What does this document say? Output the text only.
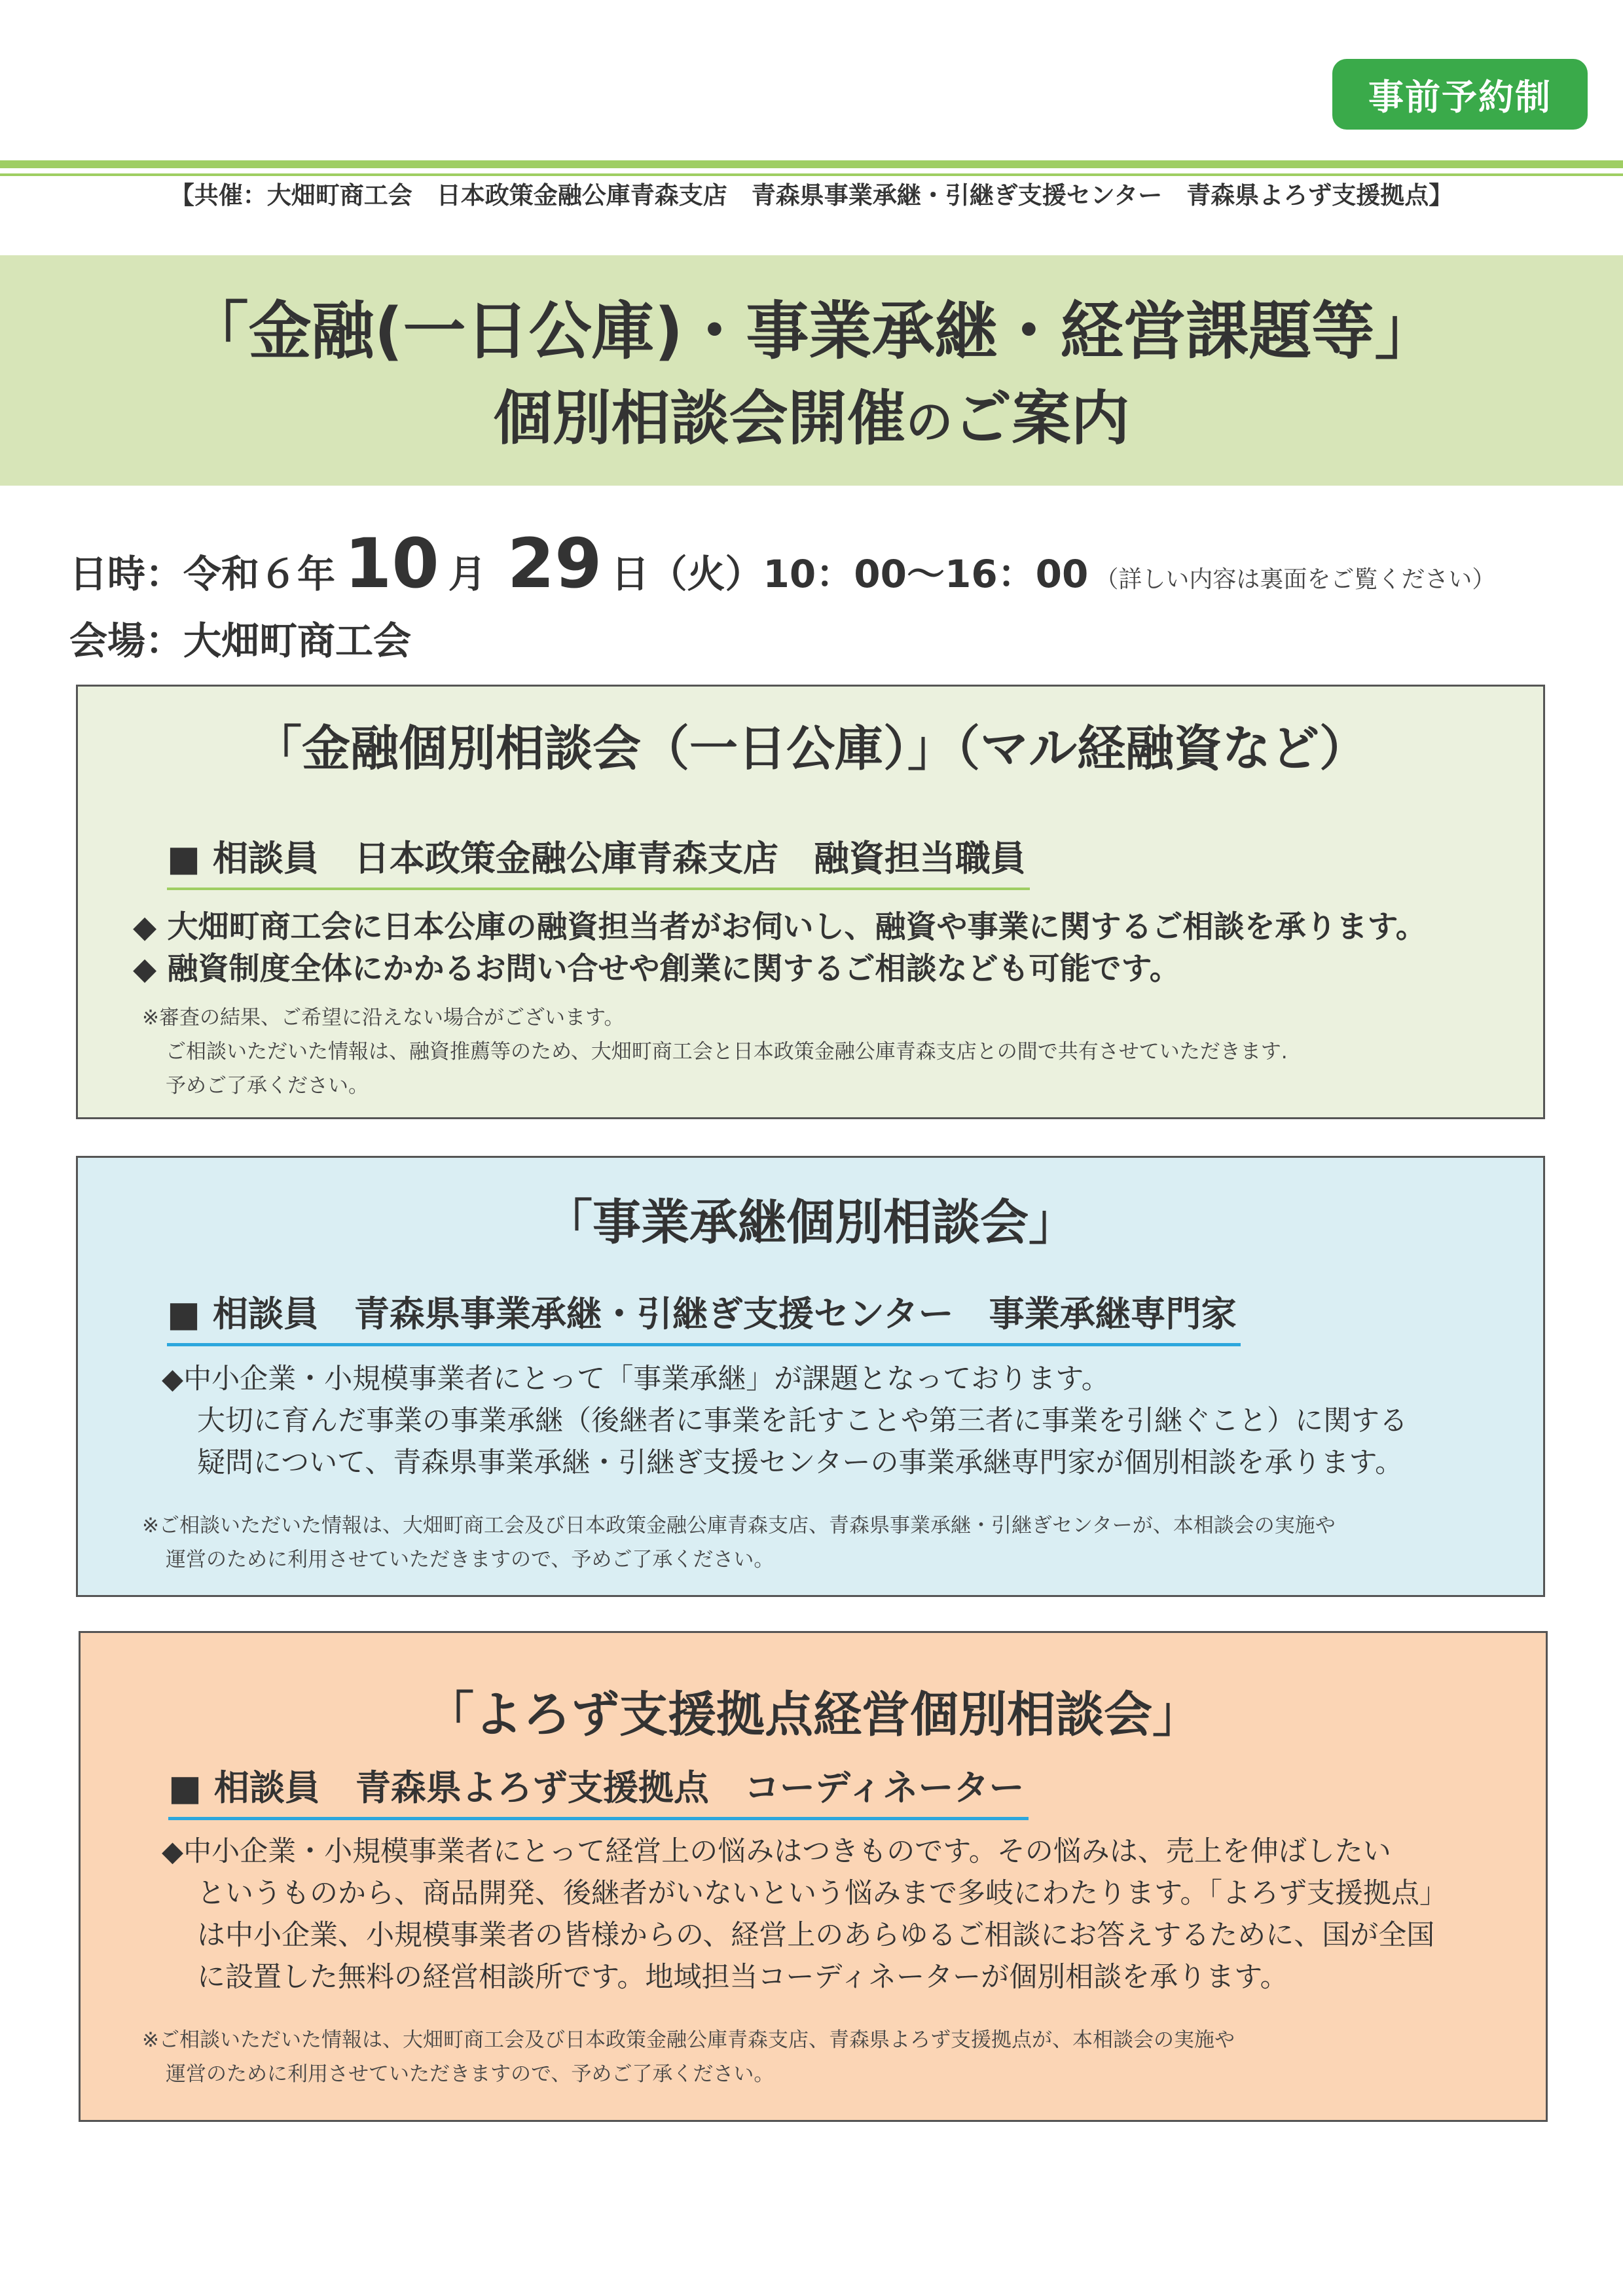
事前予約制
【共催：大畑町商工会　日本政策金融公庫青森支店　青森県事業承継・引継ぎ支援センター　青森県よろず支援拠点】
「金融(一日公庫)・事業承継・経営課題等」
個別相談会開催のご案内
日時： 令和６年 10 月 29 日 （火） 10：00〜16：00 （詳しい内容は裏面をご覧ください）
会場：大畑町商工会
「金融個別相談会（一日公庫）」（マル経融資など）
■ 相談員　日本政策金融公庫青森支店　融資担当職員
◆ 大畑町商工会に日本公庫の融資担当者がお伺いし、融資や事業に関するご相談を承ります。
◆ 融資制度全体にかかるお問い合せや創業に関するご相談なども可能です。
※審査の結果、ご希望に沿えない場合がございます。
ご相談いただいた情報は、融資推薦等のため、大畑町商工会と日本政策金融公庫青森支店との間で共有させていただきます.
予めご了承ください。
「事業承継個別相談会」
■ 相談員　青森県事業承継・引継ぎ支援センター　事業承継専門家
◆中小企業・小規模事業者にとって「事業承継」が課題となっております。
大切に育んだ事業の事業承継（後継者に事業を託すことや第三者に事業を引継ぐこと）に関する
疑問について、青森県事業承継・引継ぎ支援センターの事業承継専門家が個別相談を承ります。
※ご相談いただいた情報は、大畑町商工会及び日本政策金融公庫青森支店、青森県事業承継・引継ぎセンターが、本相談会の実施や
運営のために利用させていただきますので、予めご了承ください。
「よろず支援拠点経営個別相談会」
■ 相談員　青森県よろず支援拠点　コーディネーター
◆中小企業・小規模事業者にとって経営上の悩みはつきものです。その悩みは、売上を伸ばしたい
というものから、商品開発、後継者がいないという悩みまで多岐にわたります。「よろず支援拠点」
は中小企業、小規模事業者の皆様からの、経営上のあらゆるご相談にお答えするために、国が全国
に設置した無料の経営相談所です。地域担当コーディネーターが個別相談を承ります。
※ご相談いただいた情報は、大畑町商工会及び日本政策金融公庫青森支店、青森県よろず支援拠点が、本相談会の実施や
運営のために利用させていただきますので、予めご了承ください。
